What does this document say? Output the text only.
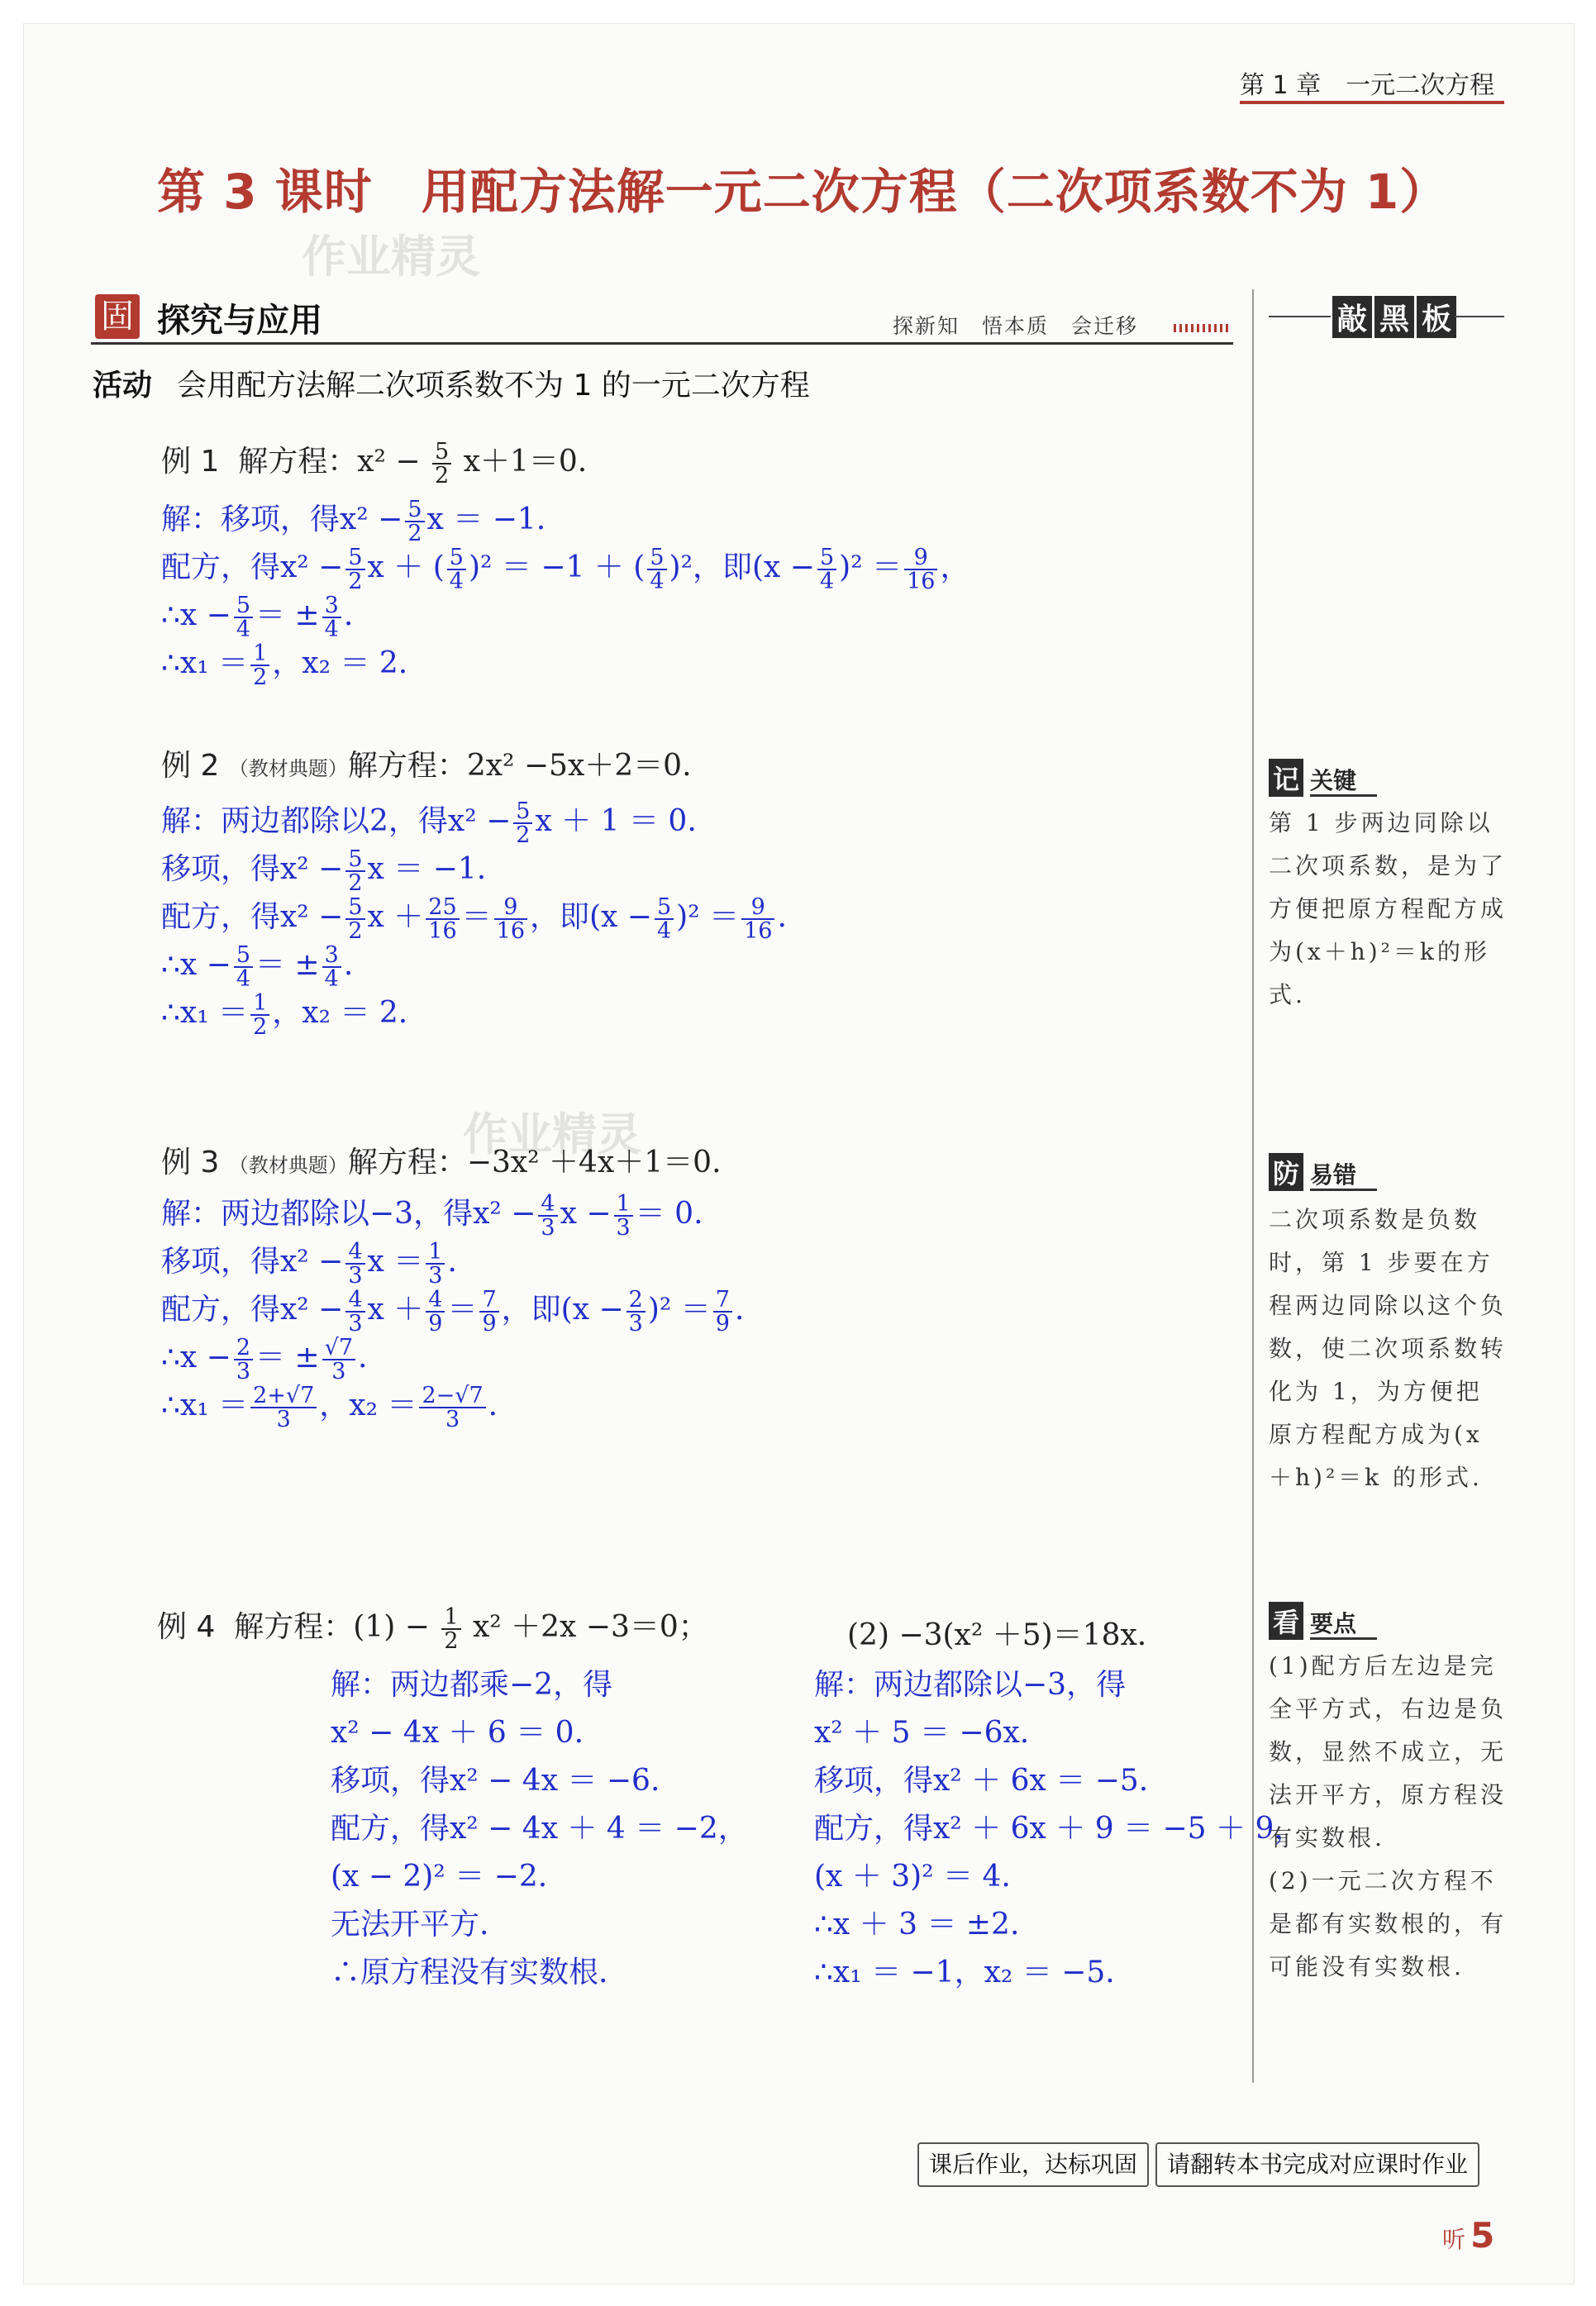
第 1 章　一元二次方程
第 3 课时　用配方法解一元二次方程（二次项系数不为 1）
作业精灵
固 探究与应用	探新知　悟本质　会迁移	敲 黑 板
活动 会用配方法解二次项系数不为 1 的一元二次方程
例 1 解方程：$x^2 - \frac{5}{2} x+1=0$.
解：移项，得$x^2 - \frac{5}{2}$ x ＝ −1.
配方，得$x^2 - \frac{5}{2}$ x ＋ ( $\frac{5}{4} )^2 = -1$ ＋ ( $\frac{5}{4} )^2$，即$(x - \frac{5}{4} )^2 = \frac{9}{16}$ ，
∴x − $\frac{5}{4}$ ＝ ± $\frac{3}{4}$ .
∴x₁ ＝ $\frac{1}{2}$ ，x₂ ＝ 2.
例 2 （教材典题）解方程：2x² −5x＋2＝0.
解：两边都除以2，得$x^2 - \frac{5}{2}$ x ＋ 1 ＝ 0.
移项，得$x^2 - \frac{5}{2}$ x ＝ −1.
配方，得$x^2 - \frac{5}{2}$ $x + \frac{25}{16} = \frac{9}{16}$ ，即$(x - \frac{5}{4} )^2 = \frac{9}{16}$ .
∴x − $\frac{5}{4}$ ＝ ± $\frac{3}{4}$ .
∴x₁ ＝ $\frac{1}{2}$ ，x₂ ＝ 2.
作业精灵
例 3 （教材典题）解方程：−3x² ＋4x＋1＝0.
解：两边都除以−3，得$x^2 - \frac{4}{3}$ $x - \frac{1}{3} = 0$.
移项，得$x^2 - \frac{4}{3}$ $x = \frac{1}{3}$ .
配方，得$x^2 - \frac{4}{3}$ $x + \frac{4}{9} = \frac{7}{9}$ ，即$(x - \frac{2}{3} )^2 = \frac{7}{9}$ .
∴x − $\frac{2}{3}$ ＝ ± $\frac{√7}{3}$ .
∴x₁ ＝ $\frac{2+√7}{3}$ ，$x_2 = \frac{2-√7}{3}$ .
例 4 解方程：$(1) - \frac{1}{2} x^2 +2x -3=0$；	(2) −3(x² ＋5)＝18x.
解：两边都乘−2，得
x² − 4x ＋ 6 ＝ 0.
移项，得x² − 4x ＝ −6.
配方，得x² − 4x ＋ 4 ＝ −2，
(x − 2)² ＝ −2.
无法开平方.
∴原方程没有实数根.
解：两边都除以−3，得
x² ＋ 5 ＝ −6x.
移项，得x² ＋ 6x ＝ −5.
配方，得x² ＋ 6x ＋ 9 ＝ −5 ＋ 9，
(x ＋ 3)² ＝ 4.
∴x ＋ 3 ＝ ±2.
∴x₁ ＝ −1，x₂ ＝ −5.
记 关键
第 1 步两边同除以二次项系数，是为了方便把原方程配方成为(x＋h)²＝k的形式.
防 易错
二次项系数是负数时，第 1 步要在方程两边同除以这个负数，使二次项系数转化为 1，为方便把原方程配方成为(x＋h)²＝k 的形式.
看 要点
(1)配方后左边是完全平方式，右边是负数，显然不成立，无法开平方，原方程没有实数根.
(2)一元二次方程不是都有实数根的，有可能没有实数根.
课后作业，达标巩固	请翻转本书完成对应课时作业
听 5
